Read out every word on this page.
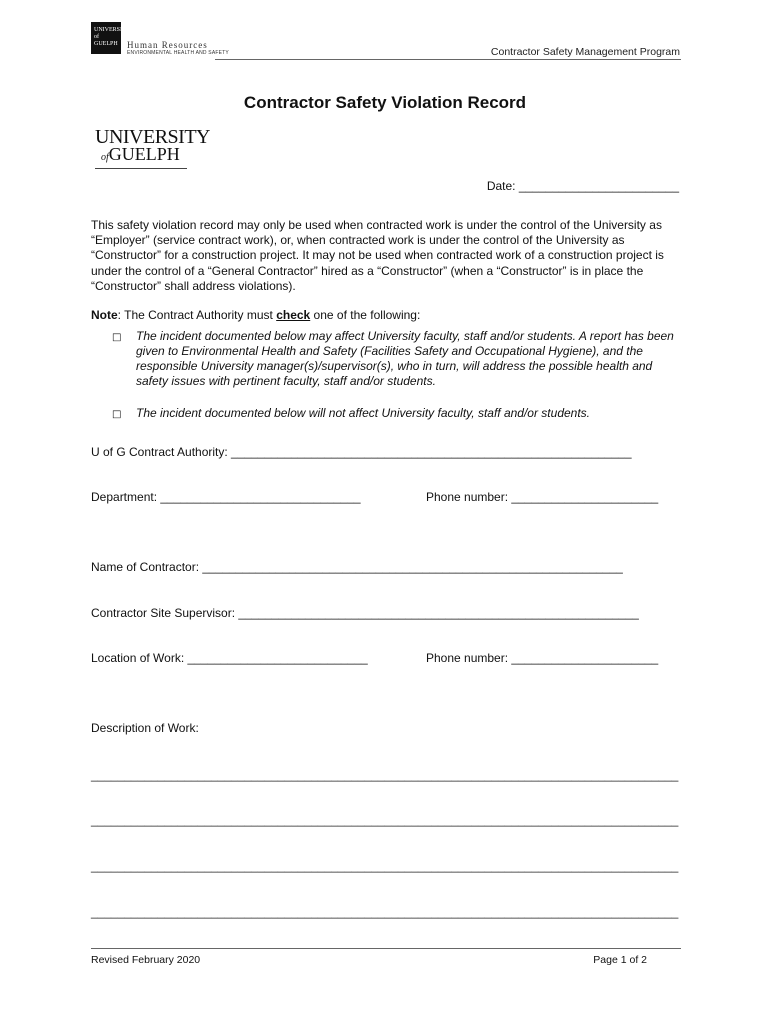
UNIVERSITY of GUELPH	Human Resources
ENVIRONMENTAL HEALTH AND SAFETY	Contractor Safety Management Program
Contractor Safety Violation Record
UNIVERSITY
ofGUELPH
Date: ________________________
This safety violation record may only be used when contracted work is under the control of the University as “Employer” (service contract work), or, when contracted work is under the control of the University as “Constructor” for a construction project. It may not be used when contracted work of a construction project is under the control of a “General Contractor” hired as a “Constructor” (when a “Constructor” is in place the “Constructor” shall address violations).
Note: The Contract Authority must check one of the following:
□ The incident documented below may affect University faculty, staff and/or students. A report has been given to Environmental Health and Safety (Facilities Safety and Occupational Hygiene), and the responsible University manager(s)/supervisor(s), who in turn, will address the possible health and safety issues with pertinent faculty, staff and/or students.
□ The incident documented below will not affect University faculty, staff and/or students.
U of G Contract Authority: ____________________________________________________________
Department: ______________________________	Phone number: ______________________
Name of Contractor: _______________________________________________________________
Contractor Site Supervisor: ____________________________________________________________
Location of Work: ___________________________	Phone number: ______________________
Description of Work:
________________________________________________________________________________________
________________________________________________________________________________________
________________________________________________________________________________________
________________________________________________________________________________________
Revised February 2020	Page 1 of 2
